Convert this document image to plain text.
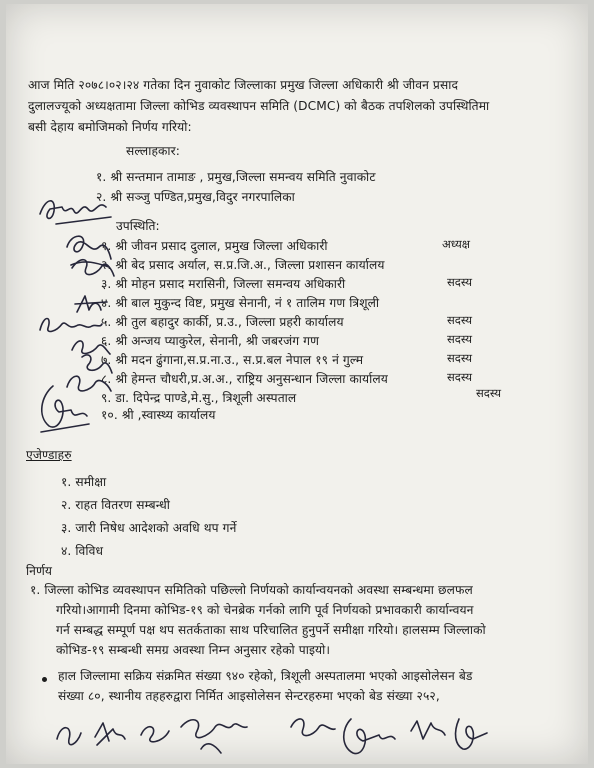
आज मिति २०७८।०२।२४ गतेका दिन नुवाकोट जिल्लाका प्रमुख जिल्ला अधिकारी श्री जीवन प्रसाद
दुलालज्यूको अध्यक्षतामा जिल्ला कोभिड व्यवस्थापन समिति (DCMC) को बैठक तपशिलको उपस्थितिमा
बसी देहाय बमोजिमको निर्णय गरियो:
सल्लाहकार:
१. श्री सन्तमान तामाङ , प्रमुख,जिल्ला समन्वय समिति नुवाकोट
२. श्री सञ्जु पण्डित,प्रमुख,विदुर नगरपालिका
उपस्थिति:
१. श्री जीवन प्रसाद दुलाल, प्रमुख जिल्ला अधिकारी	अध्यक्ष
२. श्री बेद प्रसाद अर्याल, स.प्र.जि.अ., जिल्ला प्रशासन कार्यालय
३. श्री मोहन प्रसाद मरासिनी, जिल्ला समन्वय अधिकारी	सदस्य
४. श्री बाल मुकुन्द विष्ट, प्रमुख सेनानी, नं १ तालिम गण त्रिशूली
५. श्री तुल बहादुर कार्की, प्र.उ., जिल्ला प्रहरी कार्यालय	सदस्य
६. श्री अन्जय प्याकुरेल, सेनानी, श्री जबरजंग गण	सदस्य
७. श्री मदन ढुंगाना,स.प्र.ना.उ., स.प्र.बल नेपाल १९ नं गुल्म	सदस्य
८. श्री हेमन्त चौधरी,प्र.अ.अ., राष्ट्रिय अनुसन्धान जिल्ला कार्यालय	सदस्य
९. डा. दिपेन्द्र पाण्डे,मे.सु., त्रिशूली अस्पताल	सदस्य
१०. श्री ,स्वास्थ्य कार्यालय
एजेण्डाहरु
१. समीक्षा
२. राहत वितरण सम्बन्धी
३. जारी निषेध आदेशको अवधि थप गर्ने
४. विविध
निर्णय
१. जिल्ला कोभिड व्यवस्थापन समितिको पछिल्लो निर्णयको कार्यान्वयनको अवस्था सम्बन्धमा छलफल
गरियो।आगामी दिनमा कोभिड-१९ को चेनब्रेक गर्नको लागि पूर्व निर्णयको प्रभावकारी कार्यान्वयन
गर्न सम्बद्ध सम्पूर्ण पक्ष थप सतर्कताका साथ परिचालित हुनुपर्ने समीक्षा गरियो। हालसम्म जिल्लाको
कोभिड-१९ सम्बन्धी समग्र अवस्था निम्न अनुसार रहेको पाइयो।
हाल जिल्लामा सक्रिय संक्रमित संख्या ९४० रहेको, त्रिशूली अस्पतालमा भएको आइसोलेसन बेड
संख्या ८०, स्थानीय तहहरुद्वारा निर्मित आइसोलेसन सेन्टरहरुमा भएको बेड संख्या २५२,
